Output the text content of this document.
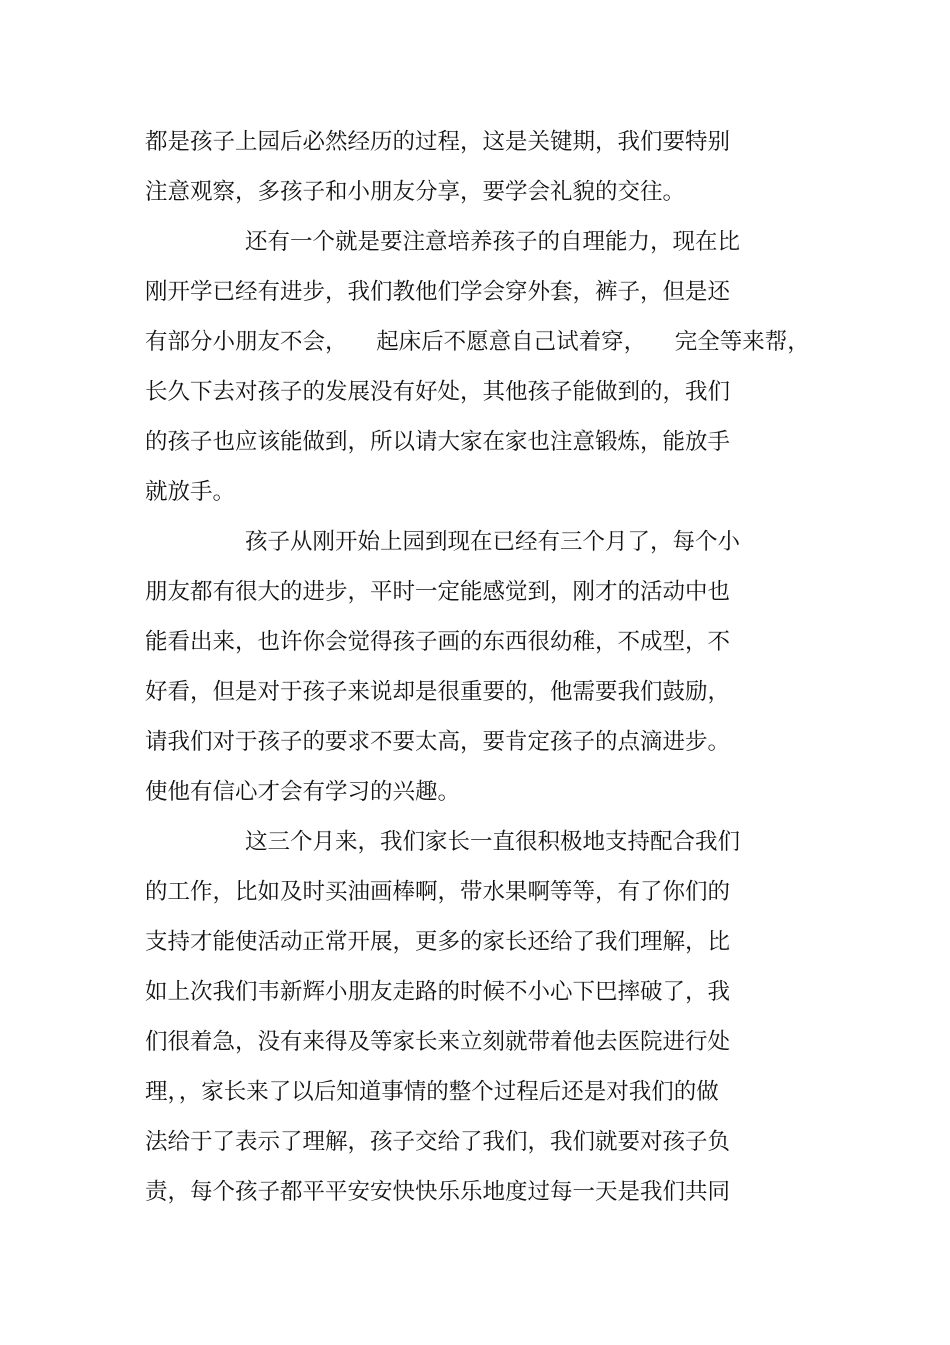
都是孩子上园后必然经历的过程，这是关键期，我们要特别
注意观察，多孩子和小朋友分享，要学会礼貌的交往。
还有一个就是要注意培养孩子的自理能力，现在比
刚开学已经有进步，我们教他们学会穿外套，裤子，但是还
有部分小朋友不会，    起床后不愿意自己试着穿，    完全等来帮，
长久下去对孩子的发展没有好处，其他孩子能做到的，我们
的孩子也应该能做到，所以请大家在家也注意锻炼，能放手
就放手。
孩子从刚开始上园到现在已经有三个月了，每个小
朋友都有很大的进步，平时一定能感觉到，刚才的活动中也
能看出来，也许你会觉得孩子画的东西很幼稚，不成型，不
好看，但是对于孩子来说却是很重要的，他需要我们鼓励，
请我们对于孩子的要求不要太高，要肯定孩子的点滴进步。
使他有信心才会有学习的兴趣。
这三个月来，我们家长一直很积极地支持配合我们
的工作，比如及时买油画棒啊，带水果啊等等，有了你们的
支持才能使活动正常开展，更多的家长还给了我们理解，比
如上次我们韦新辉小朋友走路的时候不小心下巴摔破了，我
们很着急，没有来得及等家长来立刻就带着他去医院进行处
理，，家长来了以后知道事情的整个过程后还是对我们的做
法给于了表示了理解，孩子交给了我们，我们就要对孩子负
责，每个孩子都平平安安快快乐乐地度过每一天是我们共同
